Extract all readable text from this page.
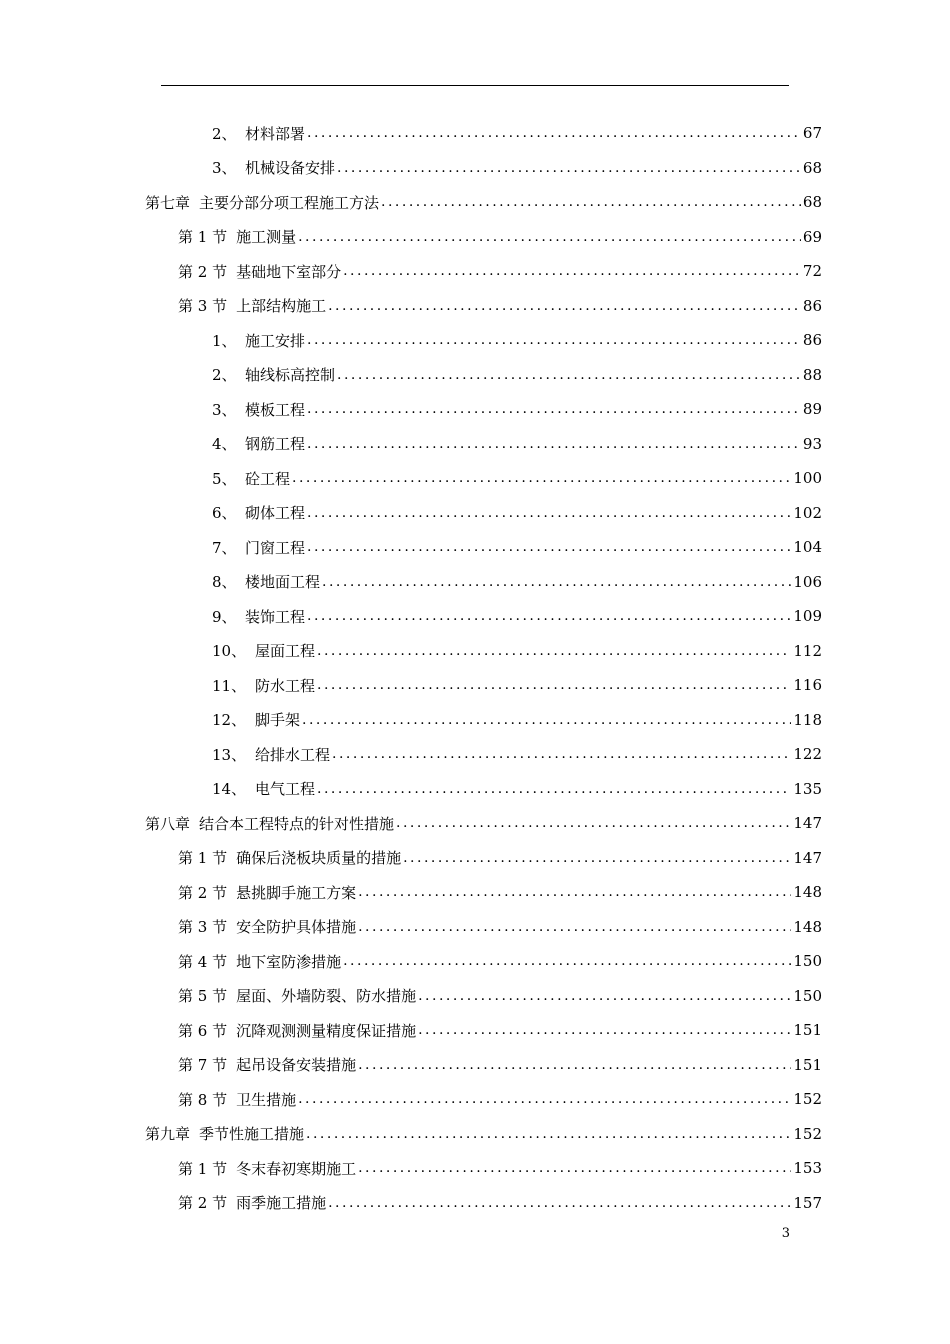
2、 材料部署 .....	67
3、 机械设备安排 .....	68
第七章 主要分部分项工程施工方法 .....	68
第 1 节 施工测量 .....	69
第 2 节 基础地下室部分 .....	72
第 3 节 上部结构施工 .....	86
1、 施工安排 .....	86
2、 轴线标高控制 .....	88
3、 模板工程 .....	89
4、 钢筋工程 .....	93
5、 砼工程 .....	100
6、 砌体工程 .....	102
7、 门窗工程 .....	104
8、 楼地面工程 .....	106
9、 装饰工程 .....	109
10、 屋面工程 .....	112
11、 防水工程 .....	116
12、 脚手架 .....	118
13、 给排水工程 .....	122
14、 电气工程 .....	135
第八章 结合本工程特点的针对性措施 .....	147
第 1 节 确保后浇板块质量的措施 .....	147
第 2 节 悬挑脚手施工方案 .....	148
第 3 节 安全防护具体措施 .....	148
第 4 节 地下室防渗措施 .....	150
第 5 节 屋面、外墙防裂、防水措施 .....	150
第 6 节 沉降观测测量精度保证措施 .....	151
第 7 节 起吊设备安装措施 .....	151
第 8 节 卫生措施 .....	152
第九章 季节性施工措施 .....	152
第 1 节 冬末春初寒期施工 .....	153
第 2 节 雨季施工措施 .....	157
3
